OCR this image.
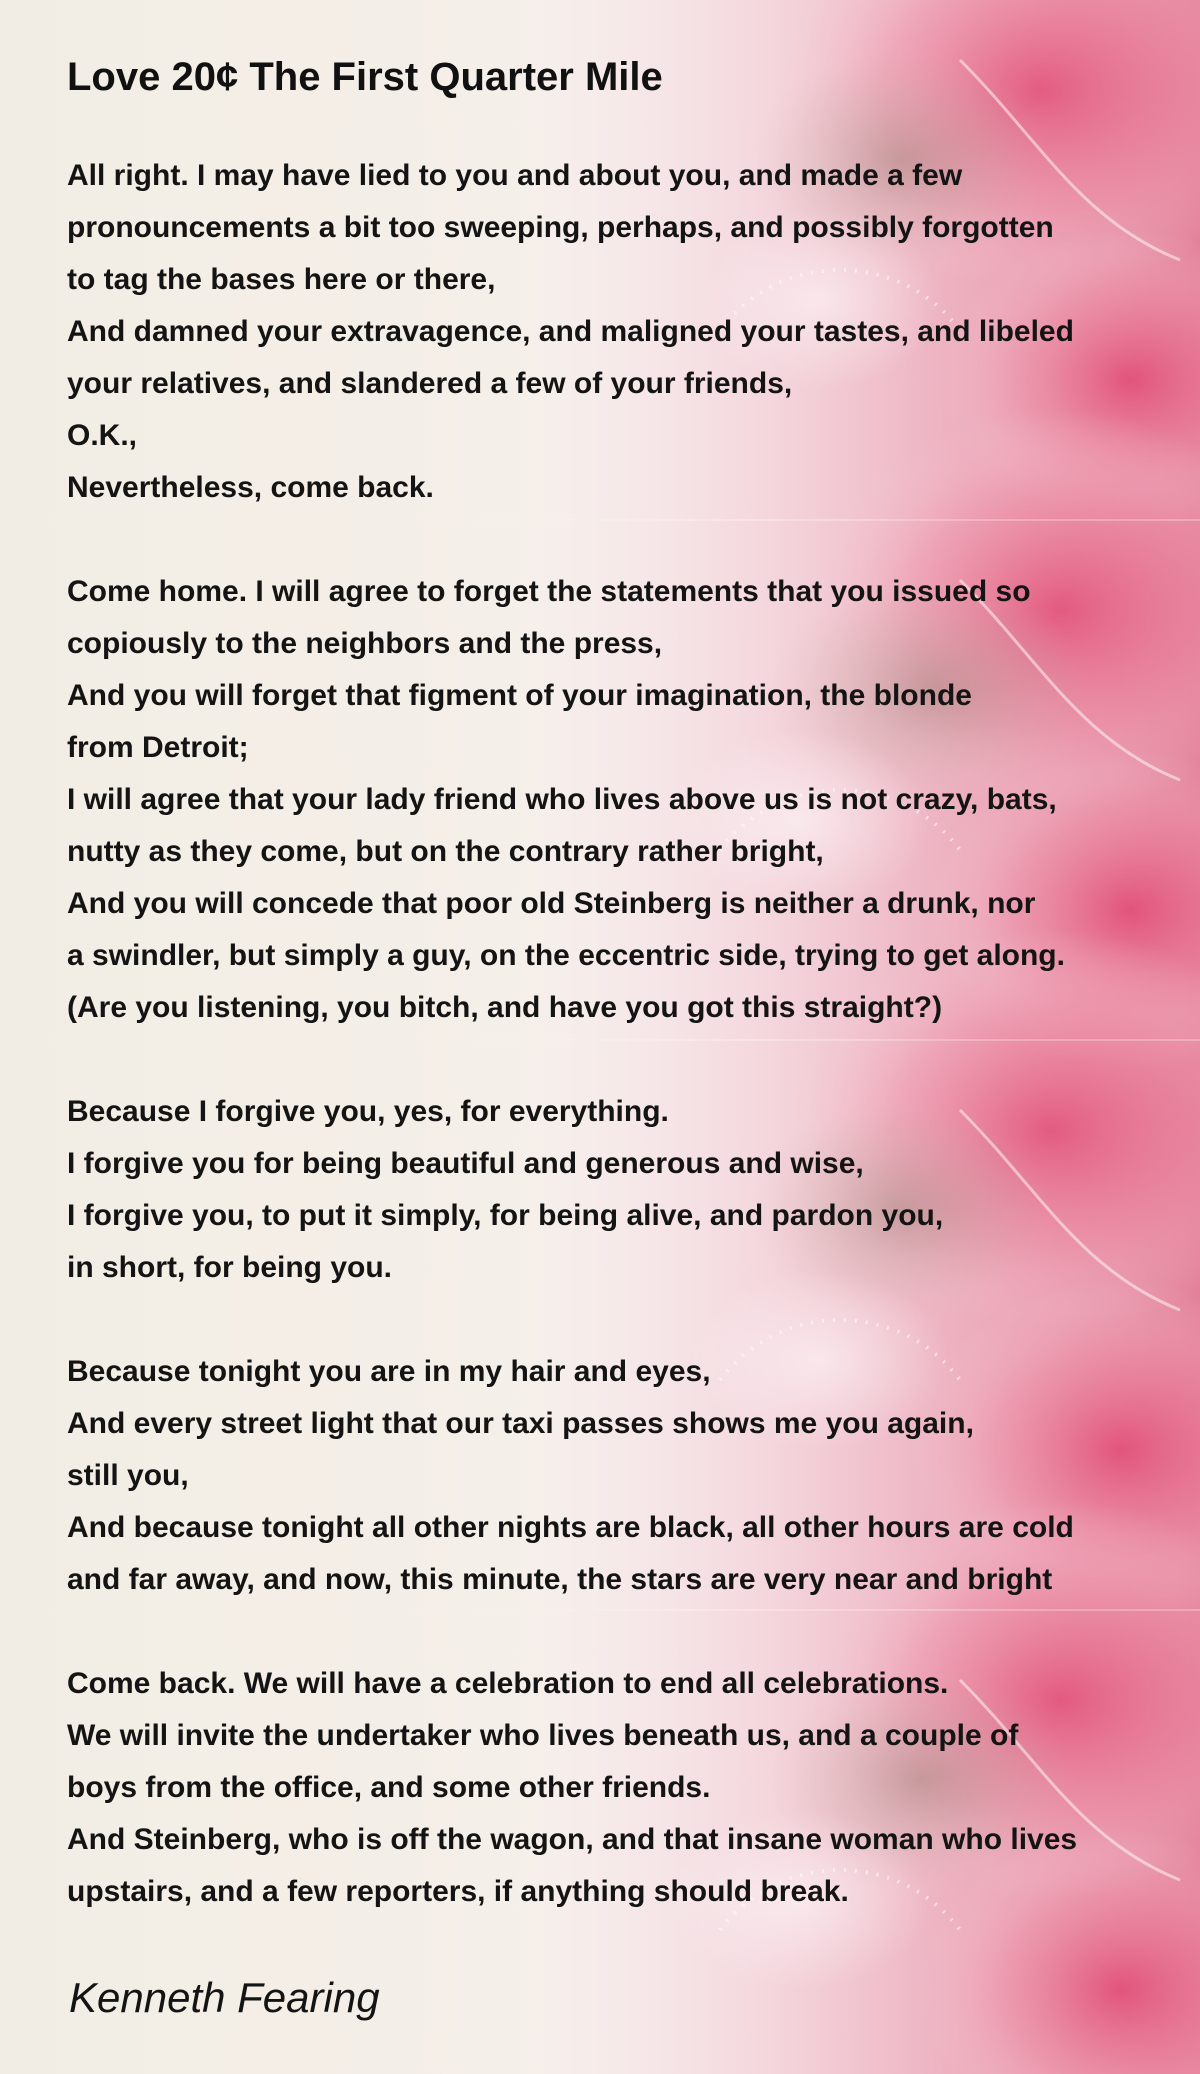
Love 20¢ The First Quarter Mile
All right. I may have lied to you and about you, and made a few
pronouncements a bit too sweeping, perhaps, and possibly forgotten
to tag the bases here or there,
And damned your extravagence, and maligned your tastes, and libeled
your relatives, and slandered a few of your friends,
O.K.,
Nevertheless, come back.
Come home. I will agree to forget the statements that you issued so
copiously to the neighbors and the press,
And you will forget that figment of your imagination, the blonde
from Detroit;
I will agree that your lady friend who lives above us is not crazy, bats,
nutty as they come, but on the contrary rather bright,
And you will concede that poor old Steinberg is neither a drunk, nor
a swindler, but simply a guy, on the eccentric side, trying to get along.
(Are you listening, you bitch, and have you got this straight?)
Because I forgive you, yes, for everything.
I forgive you for being beautiful and generous and wise,
I forgive you, to put it simply, for being alive, and pardon you,
in short, for being you.
Because tonight you are in my hair and eyes,
And every street light that our taxi passes shows me you again,
still you,
And because tonight all other nights are black, all other hours are cold
and far away, and now, this minute, the stars are very near and bright
Come back. We will have a celebration to end all celebrations.
We will invite the undertaker who lives beneath us, and a couple of
boys from the office, and some other friends.
And Steinberg, who is off the wagon, and that insane woman who lives
upstairs, and a few reporters, if anything should break.
Kenneth Fearing
